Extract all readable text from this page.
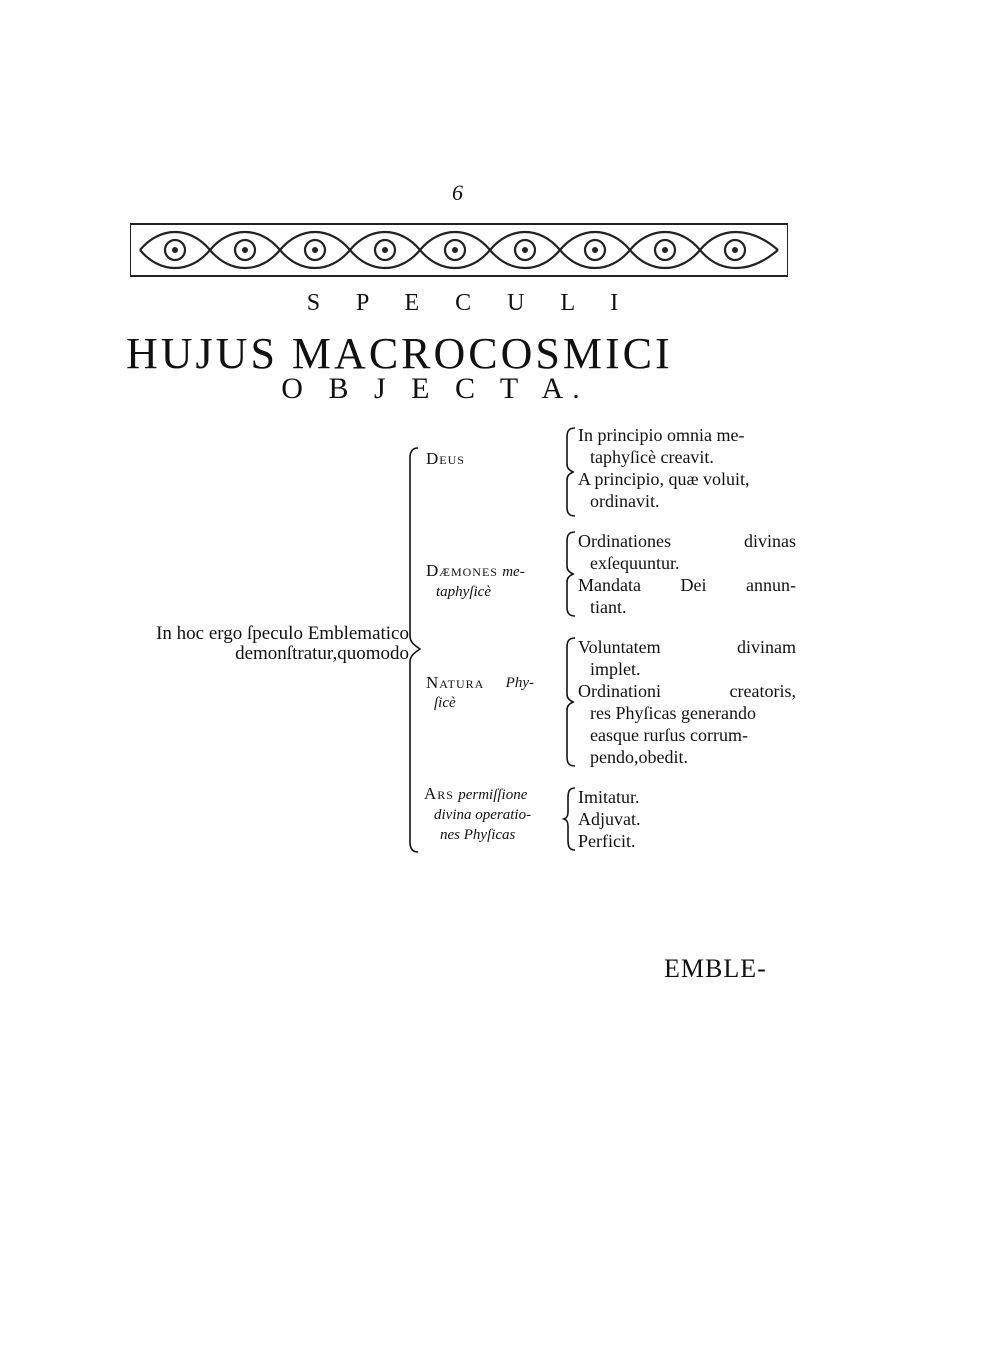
6
S P E C U L I
HUJUS MACROCOSMICI
O B J E C T A.
In hoc ergo ſpeculo Emblematico
demonſtratur,quomodo
Deus
In principio omnia me-
taphyſicè creavit.
A principio, quæ voluit,
ordinavit.
Dæmones me-
taphyſicè
Ordinationes	divinas
exſequuntur.
Mandata Dei annun-
tiant.
Natura Phy-
ſicè
Voluntatem	divinam
implet.
Ordinationi	creatoris,
res Phyſicas generando
easque rurſus corrum-
pendo,obedit.
Ars permiſſione
divina operatio-
nes Phyſicas
Imitatur.
Adjuvat.
Perficit.
EMBLE-
